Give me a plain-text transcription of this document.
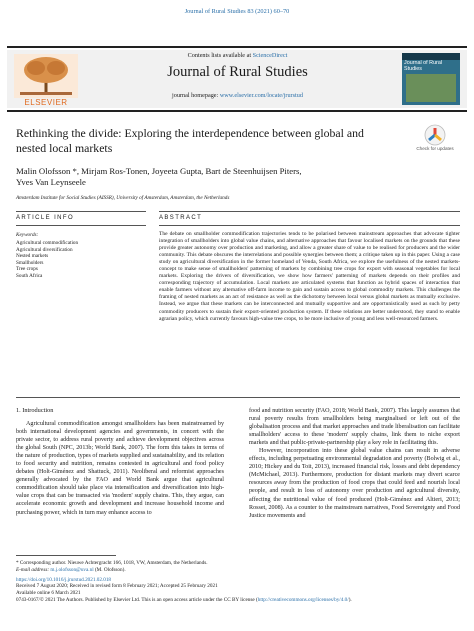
Journal of Rural Studies 83 (2021) 60–70
ELSEVIER
Contents lists available at ScienceDirect
Journal of Rural Studies
journal homepage: www.elsevier.com/locate/jrurstud
Journal of Rural Studies
Rethinking the divide: Exploring the interdependence between global and nested local markets	Check for updates
Malin Olofsson *, Mirjam Ros-Tonen, Joyeeta Gupta, Bart de Steenhuijsen Piters,
Yves Van Leynseele
Amsterdam Institute for Social Studies (AISSR), University of Amsterdam, Amsterdam, the Netherlands
ARTICLE INFO	ABSTRACT
Keywords:
Agricultural commodification
Agricultural diversification
Nested markets
Smallholders
Tree crops
South Africa
The debate on smallholder commodification trajectories tends to be polarised between mainstream approaches that advocate tighter integration of smallholders into global value chains, and alternative approaches that favour localised markets on the grounds that these provide greater autonomy over production and marketing, and allow a greater share of value to be realised for producers and the wider community. This debate obscures the interrelations and possible synergies between them; a critique taken up in this paper. Using a case study on agricultural diversification in the former homeland of Venda, South Africa, we explore the usefulness of the nested markets-concept to make sense of smallholders' patterning of markets by combining tree crops for export with seasonal vegetables for local markets. Exploring the drivers of diversification, we show how farmers' patterning of markets depends on their profiles and corresponding trajectory of accumulation. Local markets are articulated systems that function as hybrid spaces of interaction that enable farmers without any alternative off-farm income to gain and sustain access to global commodity markets. This challenges the framing of nested markets as an act of resistance as well as the dichotomy between local versus global markets as mutually exclusive. Instead, we argue that these markets can be interconnected and mutually supportive and are opportunistically used as such by petty commodity producers to sustain their export-oriented production system. If these relations are better understood, they stand to enable agrarian policy, which currently favours high-value tree crops, to be more inclusive of young and less well-resourced farmers.
1. Introduction

Agricultural commodification amongst smallholders has been mainstreamed by both international development agencies and governments, in concert with the private sector, to address rural poverty and achieve development objectives across the global South (NPC, 2013b; World Bank, 2007). The form this takes in terms of the nature of production, types of markets supplied and sustainability, and its relation to food security and nutrition, remains contested in agricultural and food policy debates (Holt-Giménez and Shattuck, 2011). Neoliberal and reformist approaches generally advocated by the FAO and World Bank argue that agricultural commodification should take place via intensification and diversification into high-value crops that can be transacted via 'modern' supply chains. This, they argue, can accelerate economic growth and development and increase household income and purchasing power, which in turn may enhance access to

food and nutrition security (FAO, 2018; World Bank, 2007). This largely assumes that rural poverty results from smallholders being marginalised or left out of the globalisation process and that market approaches and trade liberalisation can facilitate smallholders' access to these 'modern' supply chains, link them to niche export markets and that public-private-partnership play a key role in facilitating this.

However, incorporation into these global value chains can result in adverse effects, including perpetuating environmental degradation and poverty (Bolwig et al., 2010; Hickey and du Toit, 2013), increased financial risk, losses and debt dependency (McMichael, 2013). Furthermore, production for distant markets may divert scarce resources away from the production of food crops that could feed and nourish local people, and result in loss of autonomy over production and agricultural diversity, affecting the nutritional value of food produced (Holt-Giménez and Altieri, 2013; Rosset, 2008). As a counter to the mainstream narratives, Food Sovereignty and Food Justice movements and

* Corresponding author. Nieuwe Achtergracht 166, 1018, VW, Amsterdam, the Netherlands.
E-mail address: m.j.olofsson@uva.nl (M. Olofsson).
https://doi.org/10.1016/j.jrurstud.2021.02.018
Received 7 August 2020; Received in revised form 8 February 2021; Accepted 25 February 2021
Available online 6 March 2021
0743-0167/© 2021 The Authors. Published by Elsevier Ltd. This is an open access article under the CC BY license (http://creativecommons.org/licenses/by/4.0/).
